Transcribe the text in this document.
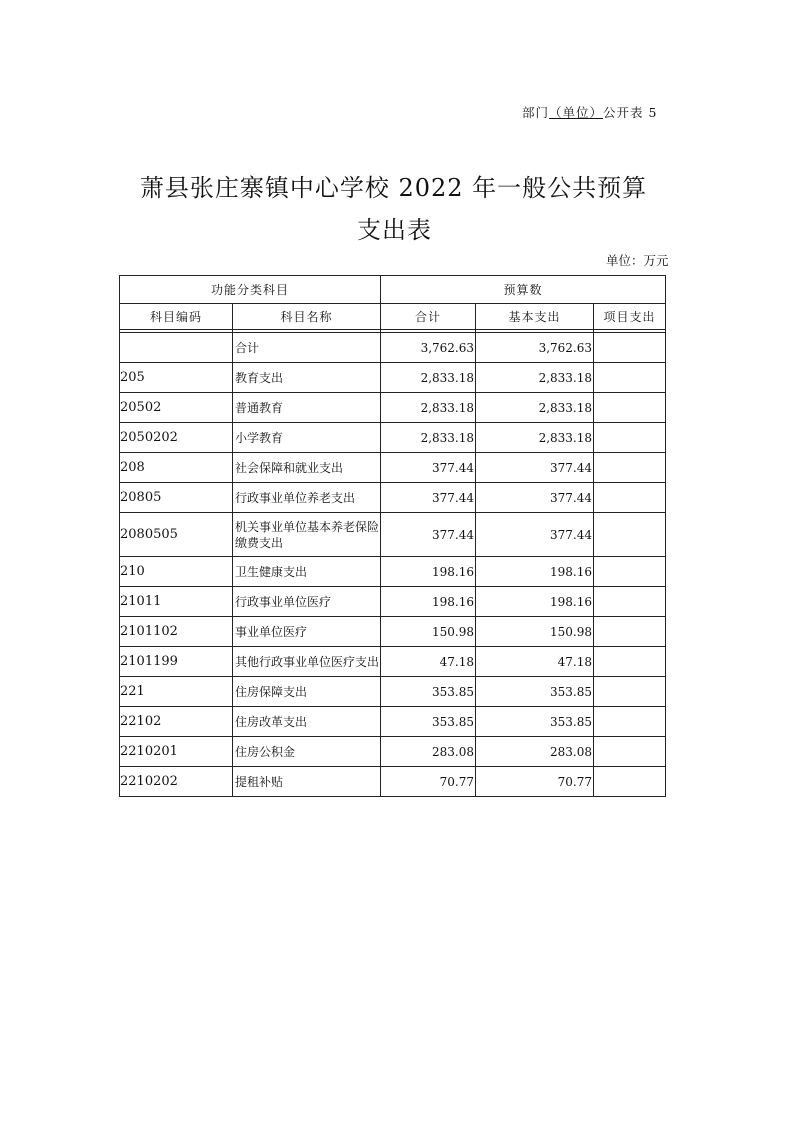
部门（单位）公开表 5
萧县张庄寨镇中心学校 2022 年一般公共预算
支出表
单位：万元
功能分类科目		预算数		
科目编码	科目名称	合计	基本支出	项目支出

	合计	3,762.63	3,762.63	
205	教育支出	2,833.18	2,833.18	
20502	普通教育	2,833.18	2,833.18	
2050202	小学教育	2,833.18	2,833.18	
208	社会保障和就业支出	377.44	377.44	
20805	行政事业单位养老支出	377.44	377.44	
2080505	机关事业单位基本养老保险缴费支出	377.44	377.44	
210	卫生健康支出	198.16	198.16	
21011	行政事业单位医疗	198.16	198.16	
2101102	事业单位医疗	150.98	150.98	
2101199	其他行政事业单位医疗支出	47.18	47.18	
221	住房保障支出	353.85	353.85	
22102	住房改革支出	353.85	353.85	
2210201	住房公积金	283.08	283.08	
2210202	提租补贴	70.77	70.77	
